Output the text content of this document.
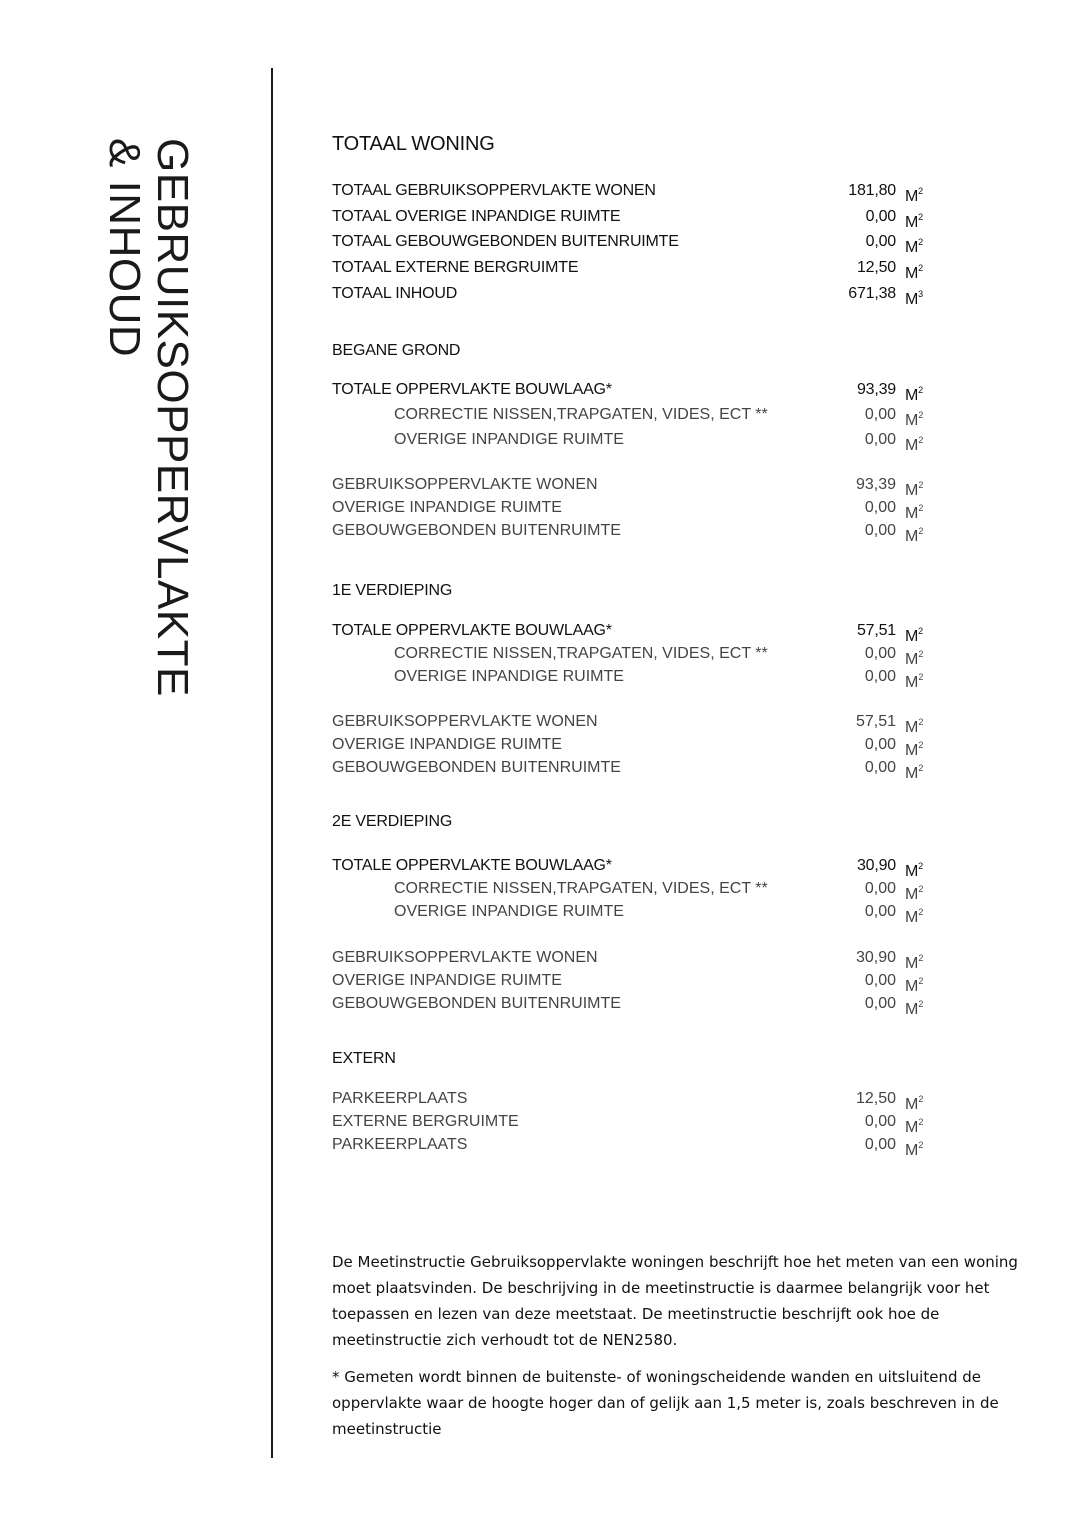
GEBRUIKSOPPERVLAKTE
& INHOUD	TOTAAL WONING
TOTAAL GEBRUIKSOPPERVLAKTE WONEN	181,80 $M^2$
TOTAAL OVERIGE INPANDIGE RUIMTE	0,00 $M^2$
TOTAAL GEBOUWGEBONDEN BUITENRUIMTE	0,00 $M^2$
TOTAAL EXTERNE BERGRUIMTE	12,50 $M^2$
TOTAAL INHOUD	671,38 $M^3$
BEGANE GROND
TOTALE OPPERVLAKTE BOUWLAAG*	93,39 $M^2$
CORRECTIE NISSEN,TRAPGATEN, VIDES, ECT **	0,00 $M^2$
OVERIGE INPANDIGE RUIMTE	0,00 $M^2$
GEBRUIKSOPPERVLAKTE WONEN	93,39 $M^2$
OVERIGE INPANDIGE RUIMTE	0,00 $M^2$
GEBOUWGEBONDEN BUITENRUIMTE	0,00 $M^2$
1E VERDIEPING
TOTALE OPPERVLAKTE BOUWLAAG*	57,51 $M^2$
CORRECTIE NISSEN,TRAPGATEN, VIDES, ECT **	0,00 $M^2$
OVERIGE INPANDIGE RUIMTE	0,00 $M^2$
GEBRUIKSOPPERVLAKTE WONEN	57,51 $M^2$
OVERIGE INPANDIGE RUIMTE	0,00 $M^2$
GEBOUWGEBONDEN BUITENRUIMTE	0,00 $M^2$
2E VERDIEPING
TOTALE OPPERVLAKTE BOUWLAAG*	30,90 $M^2$
CORRECTIE NISSEN,TRAPGATEN, VIDES, ECT **	0,00 $M^2$
OVERIGE INPANDIGE RUIMTE	0,00 $M^2$
GEBRUIKSOPPERVLAKTE WONEN	30,90 $M^2$
OVERIGE INPANDIGE RUIMTE	0,00 $M^2$
GEBOUWGEBONDEN BUITENRUIMTE	0,00 $M^2$
EXTERN
PARKEERPLAATS	12,50 $M^2$
EXTERNE BERGRUIMTE	0,00 $M^2$
PARKEERPLAATS	0,00 $M^2$

De Meetinstructie Gebruiksoppervlakte woningen beschrijft hoe het meten van een woning moet plaatsvinden. De beschrijving in de meetinstructie is daarmee belangrijk voor het toepassen en lezen van deze meetstaat. De meetinstructie beschrijft ook hoe de meetinstructie zich verhoudt tot de NEN2580.

* Gemeten wordt binnen de buitenste- of woningscheidende wanden en uitsluitend de oppervlakte waar de hoogte hoger dan of gelijk aan 1,5 meter is, zoals beschreven in de meetinstructie
